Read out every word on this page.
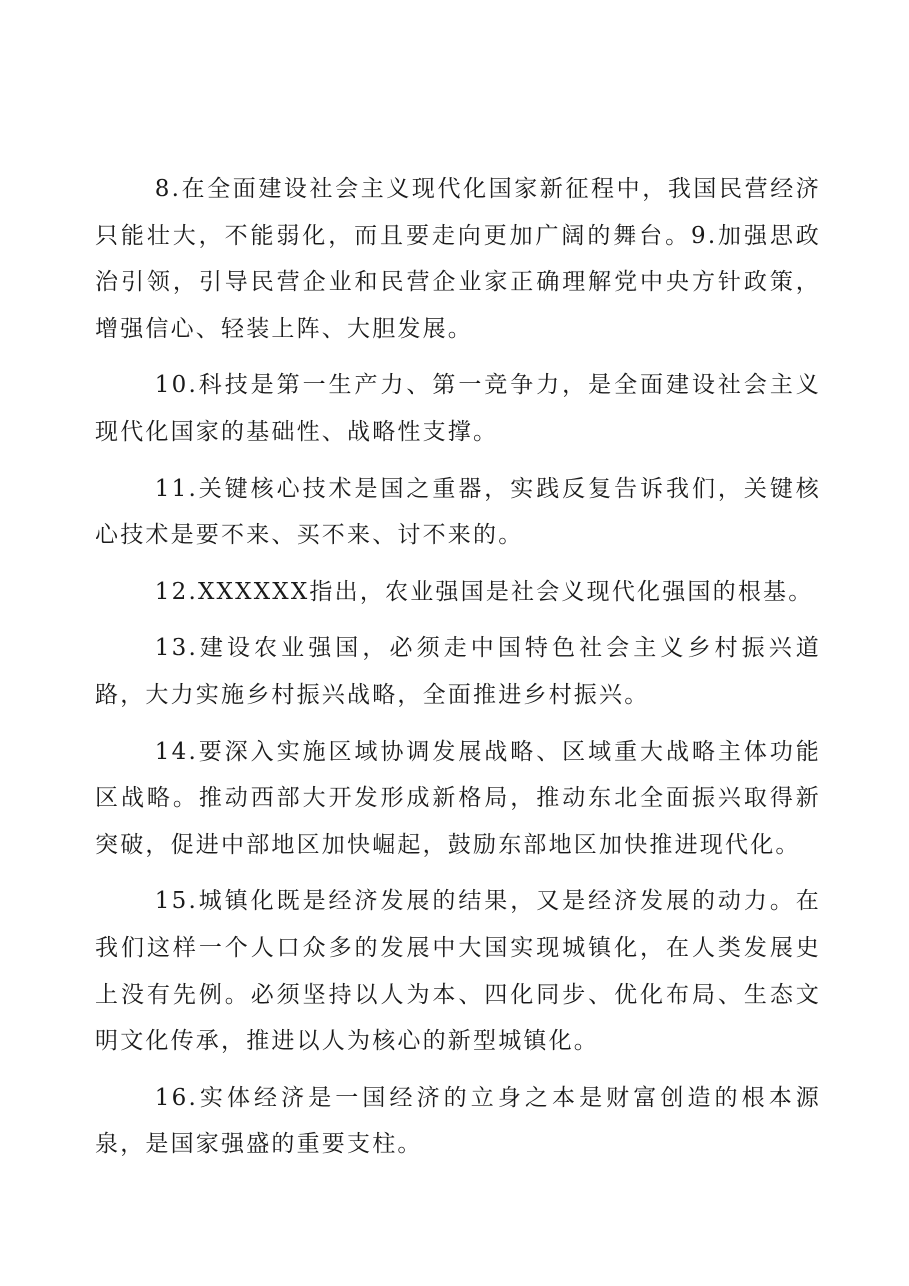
8.在全面建设社会主义现代化国家新征程中，我国民营经济只能壮大，不能弱化，而且要走向更加广阔的舞台。9.加强思政治引领，引导民营企业和民营企业家正确理解党中央方针政策，增强信心、轻装上阵、大胆发展。

10.科技是第一生产力、第一竞争力，是全面建设社会主义现代化国家的基础性、战略性支撑。

11.关键核心技术是国之重器，实践反复告诉我们，关键核心技术是要不来、买不来、讨不来的。

12.XXXXXX指出，农业强国是社会义现代化强国的根基。

13.建设农业强国，必须走中国特色社会主义乡村振兴道路，大力实施乡村振兴战略，全面推进乡村振兴。

14.要深入实施区域协调发展战略、区域重大战略主体功能区战略。推动西部大开发形成新格局，推动东北全面振兴取得新突破，促进中部地区加快崛起，鼓励东部地区加快推进现代化。

15.城镇化既是经济发展的结果，又是经济发展的动力。在我们这样一个人口众多的发展中大国实现城镇化，在人类发展史上没有先例。必须坚持以人为本、四化同步、优化布局、生态文明文化传承，推进以人为核心的新型城镇化。

16.实体经济是一国经济的立身之本是财富创造的根本源泉，是国家强盛的重要支柱。
